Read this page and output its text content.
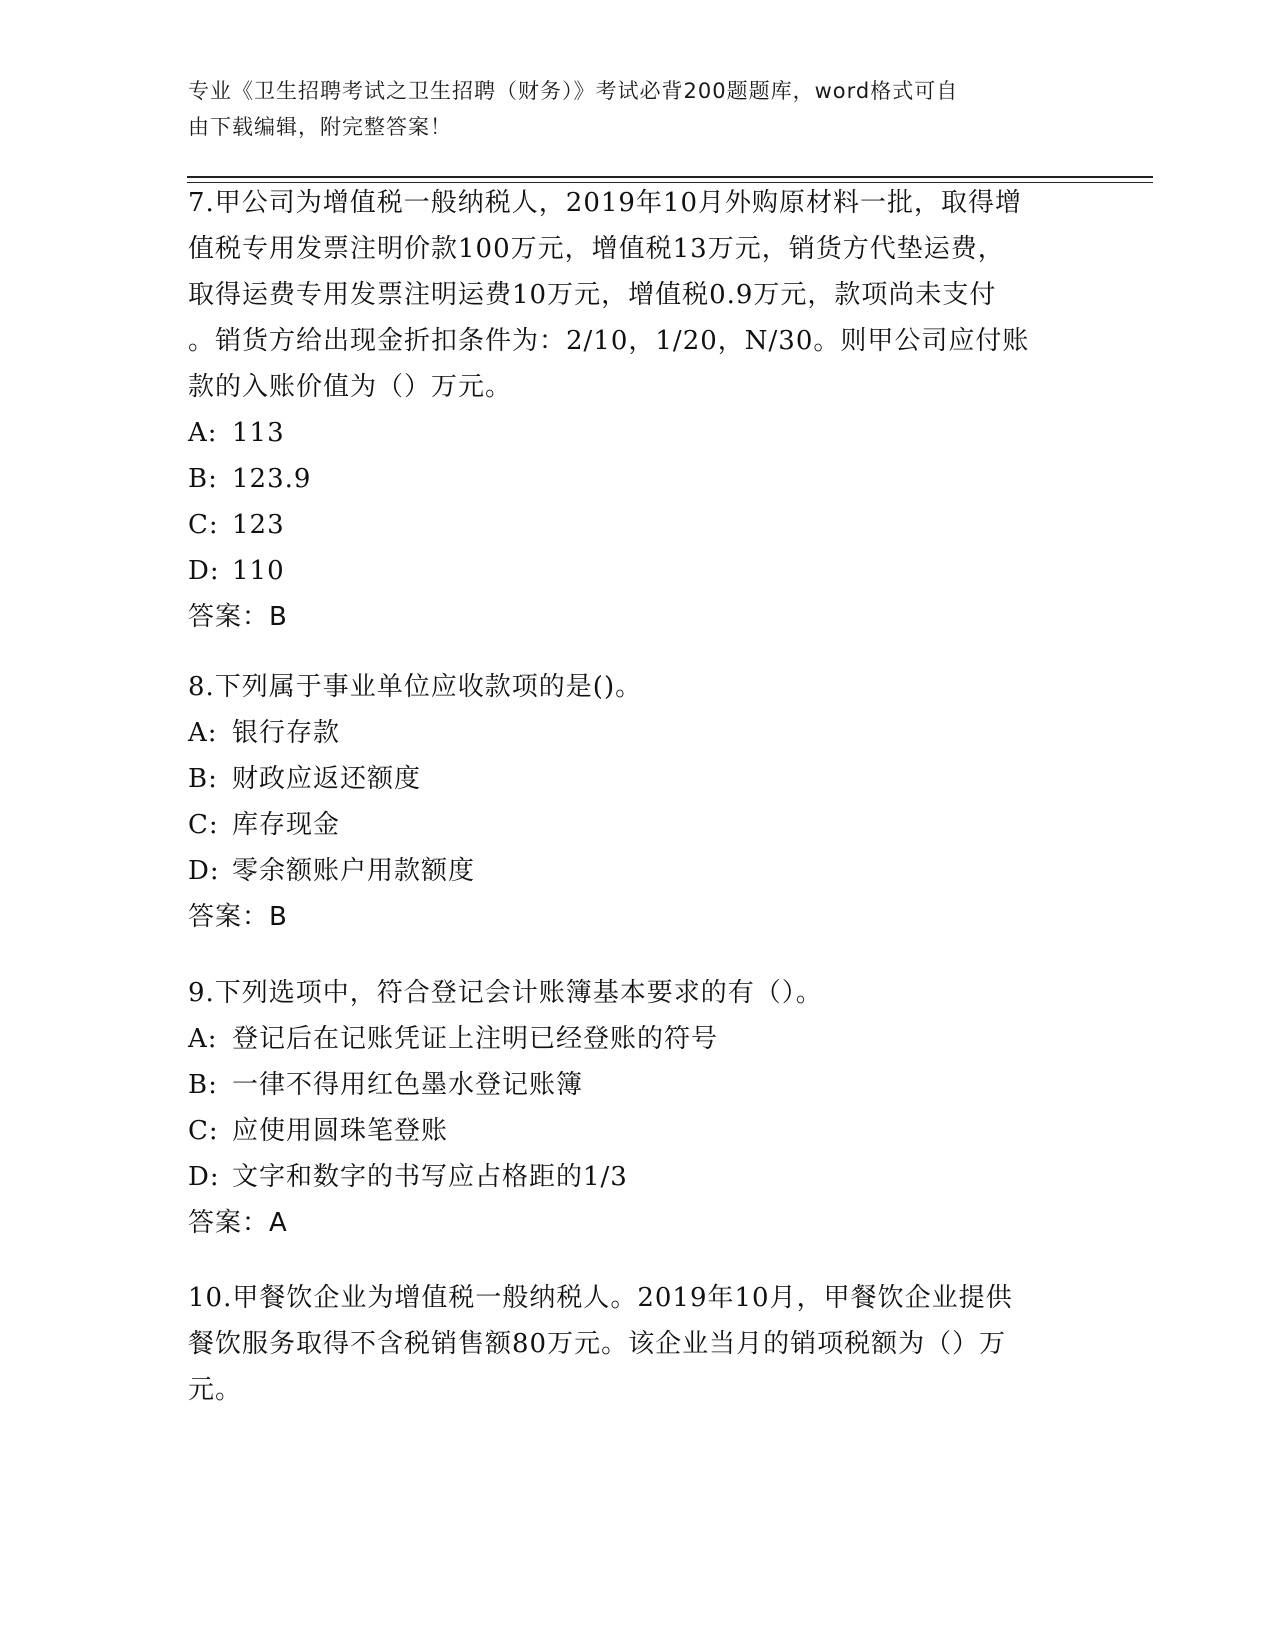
专业《卫生招聘考试之卫生招聘（财务）》考试必背200题题库，word格式可自
由下载编辑，附完整答案！
7.甲公司为增值税一般纳税人，2019年10月外购原材料一批，取得增
值税专用发票注明价款100万元，增值税13万元，销货方代垫运费，
取得运费专用发票注明运费10万元，增值税0.9万元，款项尚未支付
。销货方给出现金折扣条件为：2/10，1/20，N/30。则甲公司应付账
款的入账价值为（）万元。
A: 113
B: 123.9
C: 123
D: 110
答案：B
8.下列属于事业单位应收款项的是()。
A: 银行存款
B: 财政应返还额度
C: 库存现金
D: 零余额账户用款额度
答案：B
9.下列选项中，符合登记会计账簿基本要求的有（）。
A: 登记后在记账凭证上注明已经登账的符号
B: 一律不得用红色墨水登记账簿
C: 应使用圆珠笔登账
D: 文字和数字的书写应占格距的1/3
答案：A
10.甲餐饮企业为增值税一般纳税人。2019年10月，甲餐饮企业提供
餐饮服务取得不含税销售额80万元。该企业当月的销项税额为（）万
元。
